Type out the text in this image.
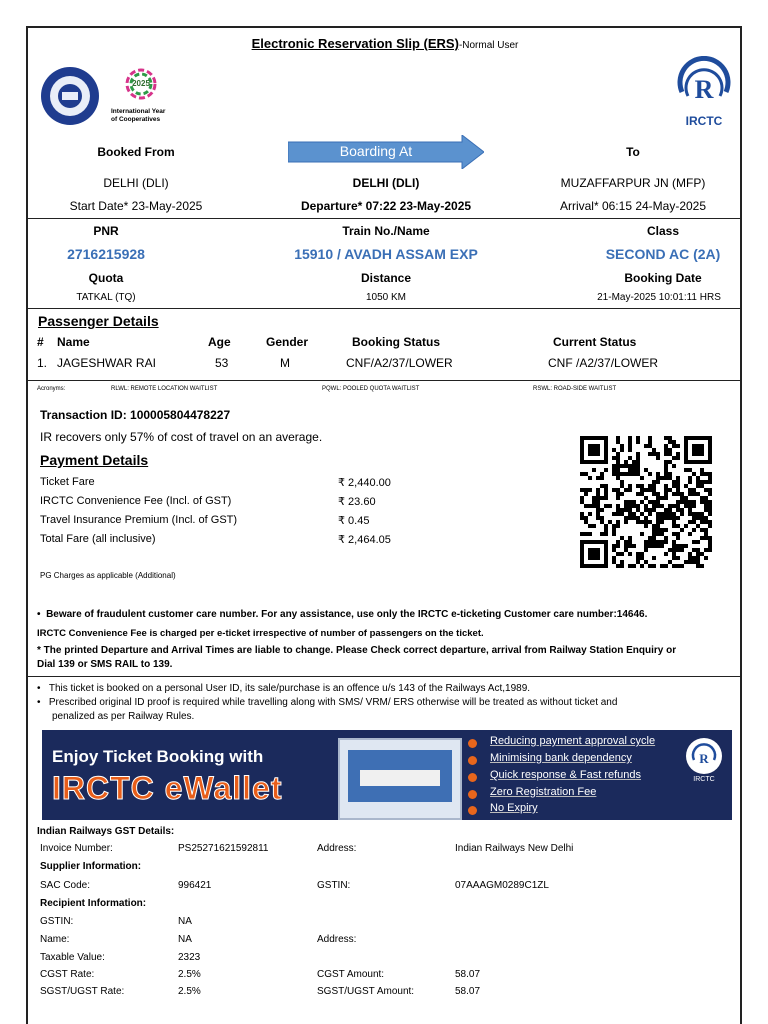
Electronic Reservation Slip (ERS)-Normal User
2025
International Year
of Cooperatives
R
IRCTC
Booked From	Boarding At	To
DELHI (DLI)	DELHI (DLI)	MUZAFFARPUR JN (MFP)
Start Date* 23-May-2025	Departure* 07:22 23-May-2025	Arrival* 06:15 24-May-2025
PNR	Train No./Name	Class
2716215928	15910 / AVADH ASSAM EXP	SECOND AC (2A)
Quota	Distance	Booking Date
TATKAL (TQ)	1050 KM	21-May-2025 10:01:11 HRS
Passenger Details
# Name	Age	Gender	Booking Status	Current Status
1. JAGESHWAR RAI	53	M	CNF/A2/37/LOWER	CNF /A2/37/LOWER
Acronyms:	RLWL: REMOTE LOCATION WAITLIST	PQWL: POOLED QUOTA WAITLIST	RSWL: ROAD-SIDE WAITLIST
Transaction ID: 100005804478227
IR recovers only 57% of cost of travel on an average.
Payment Details
Ticket Fare	₹ 2,440.00
IRCTC Convenience Fee (Incl. of GST)	₹ 23.60
Travel Insurance Premium (Incl. of GST)	₹ 0.45
Total Fare (all inclusive)	₹ 2,464.05
PG Charges as applicable (Additional)
•  Beware of fraudulent customer care number. For any assistance, use only the IRCTC e-ticketing Customer care number:14646.
IRCTC Convenience Fee is charged per e-ticket irrespective of number of passengers on the ticket.
* The printed Departure and Arrival Times are liable to change. Please Check correct departure, arrival from Railway Station Enquiry or
Dial 139 or SMS RAIL to 139.
•   This ticket is booked on a personal User ID, its sale/purchase is an offence u/s 143 of the Railways Act,1989.
•   Prescribed original ID proof is required while travelling along with SMS/ VRM/ ERS otherwise will be treated as without ticket and
penalized as per Railway Rules.
Enjoy Ticket Booking with
IRCTC eWallet
Reducing payment approval cycle
Minimising bank dependency
Quick response & Fast refunds
Zero Registration Fee
No Expiry
R
IRCTC
Indian Railways GST Details:
Invoice Number:	PS25271621592811	Address:	Indian Railways New Delhi
Supplier Information:
SAC Code:	996421	GSTIN:	07AAAGM0289C1ZL
Recipient Information:
GSTIN:	NA
Name:	NA	Address:
Taxable Value:	2323
CGST Rate:	2.5%	CGST Amount:	58.07
SGST/UGST Rate:	2.5%	SGST/UGST Amount:	58.07
